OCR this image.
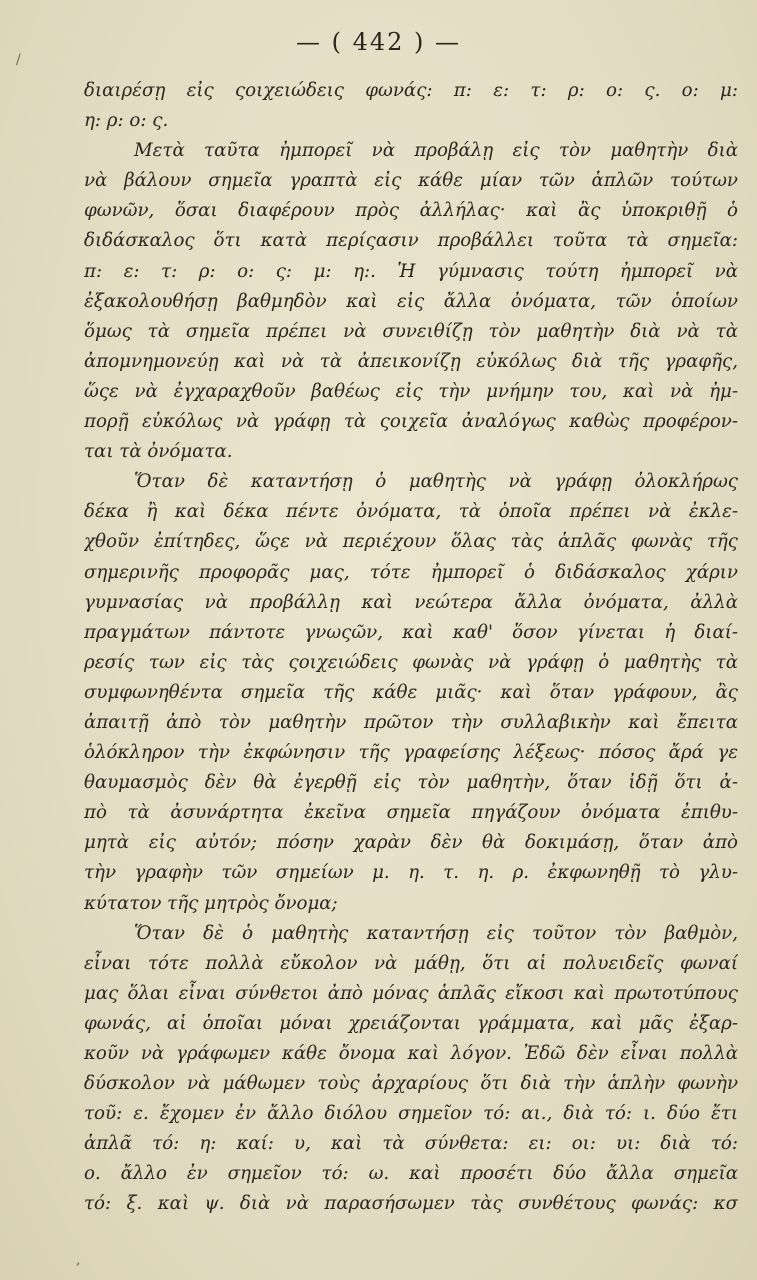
/
,
— ( 442 ) —
διαιρέσῃ εἰς ςοιχειώδεις φωνάς: π: ε: τ: ρ: ο: ς. ο: μ:
η: ρ: ο: ς.
Μετὰ ταῦτα ἠμπορεῖ νὰ προβάλῃ εἰς τὸν μαθητὴν διὰ
νὰ βάλουν σημεῖα γραπτὰ εἰς κάθε μίαν τῶν ἁπλῶν τούτων
φωνῶν, ὅσαι διαφέρουν πρὸς ἀλλήλας· καὶ ἂς ὑποκριθῇ ὁ
διδάσκαλος ὅτι κατὰ περίςασιν προβάλλει τοῦτα τὰ σημεῖα:
π: ε: τ: ρ: ο: ς: μ: η:. Ἡ γύμνασις τούτη ἠμπορεῖ νὰ
ἐξακολουθήσῃ βαθμηδὸν καὶ εἰς ἄλλα ὀνόματα, τῶν ὁποίων
ὅμως τὰ σημεῖα πρέπει νὰ συνειθίζῃ τὸν μαθητὴν διὰ νὰ τὰ
ἀπομνημονεύῃ καὶ νὰ τὰ ἀπεικονίζῃ εὐκόλως διὰ τῆς γραφῆς,
ὥςε νὰ ἐγχαραχθοῦν βαθέως εἰς τὴν μνήμην του, καὶ νὰ ἠμ-
πορῇ εὐκόλως νὰ γράφῃ τὰ ςοιχεῖα ἀναλόγως καθὼς προφέρον-
ται τὰ ὀνόματα.
Ὅταν δὲ καταντήσῃ ὁ μαθητὴς νὰ γράφῃ ὁλοκλήρως
δέκα ἢ καὶ δέκα πέντε ὀνόματα, τὰ ὁποῖα πρέπει νὰ ἐκλε-
χθοῦν ἐπίτηδες, ὥςε νὰ περιέχουν ὅλας τὰς ἁπλᾶς φωνὰς τῆς
σημερινῆς προφορᾶς μας, τότε ἠμπορεῖ ὁ διδάσκαλος χάριν
γυμνασίας νὰ προβάλλῃ καὶ νεώτερα ἄλλα ὀνόματα, ἀλλὰ
πραγμάτων πάντοτε γνωςῶν, καὶ καθ' ὅσον γίνεται ἡ διαί-
ρεσίς των εἰς τὰς ςοιχειώδεις φωνὰς νὰ γράφῃ ὁ μαθητὴς τὰ
συμφωνηθέντα σημεῖα τῆς κάθε μιᾶς· καὶ ὅταν γράφουν, ἂς
ἀπαιτῇ ἀπὸ τὸν μαθητὴν πρῶτον τὴν συλλαβικὴν καὶ ἔπειτα
ὁλόκληρον τὴν ἐκφώνησιν τῆς γραφείσης λέξεως· πόσος ἄρά γε
θαυμασμὸς δὲν θὰ ἐγερθῇ εἰς τὸν μαθητὴν, ὅταν ἰδῇ ὅτι ἀ-
πὸ τὰ ἀσυνάρτητα ἐκεῖνα σημεῖα πηγάζουν ὀνόματα ἐπιθυ-
μητὰ εἰς αὐτόν; πόσην χαρὰν δὲν θὰ δοκιμάσῃ, ὅταν ἀπὸ
τὴν γραφὴν τῶν σημείων μ. η. τ. η. ρ. ἐκφωνηθῇ τὸ γλυ-
κύτατον τῆς μητρὸς ὄνομα;
Ὅταν δὲ ὁ μαθητὴς καταντήσῃ εἰς τοῦτον τὸν βαθμὸν,
εἶναι τότε πολλὰ εὔκολον νὰ μάθῃ, ὅτι αἱ πολυειδεῖς φωναί
μας ὅλαι εἶναι σύνθετοι ἀπὸ μόνας ἁπλᾶς εἴκοσι καὶ πρωτοτύπους
φωνάς, αἱ ὁποῖαι μόναι χρειάζονται γράμματα, καὶ μᾶς ἐξαρ-
κοῦν νὰ γράφωμεν κάθε ὄνομα καὶ λόγον. Ἐδῶ δὲν εἶναι πολλὰ
δύσκολον νὰ μάθωμεν τοὺς ἀρχαρίους ὅτι διὰ τὴν ἁπλὴν φωνὴν
τοῦ: ε. ἔχομεν ἐν ἄλλο διόλου σημεῖον τό: αι., διὰ τό: ι. δύο ἔτι
ἁπλᾶ τό: η: καί: υ, καὶ τὰ σύνθετα: ει: οι: υι: διὰ τό:
ο. ἄλλο ἐν σημεῖον τό: ω. καὶ προσέτι δύο ἄλλα σημεῖα
τό: ξ. καὶ ψ. διὰ νὰ παρασήσωμεν τὰς συνθέτους φωνάς: κσ
